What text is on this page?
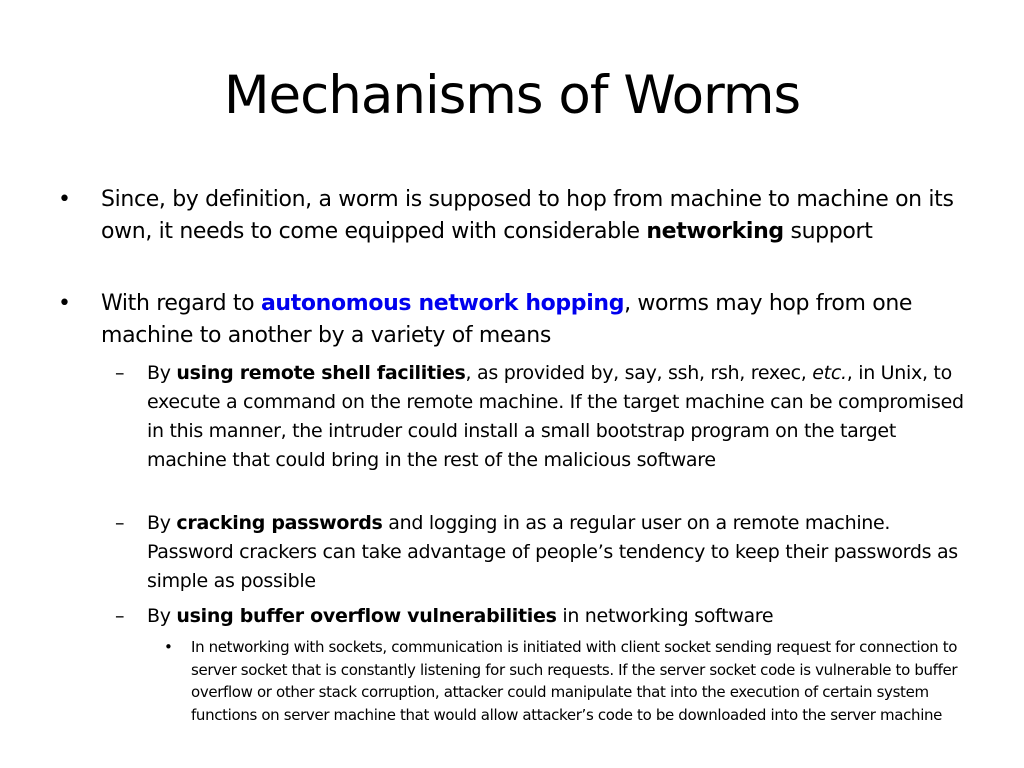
Mechanisms of Worms

• Since, by definition, a worm is supposed to hop from machine to machine on its own, it needs to come equipped with considerable networking support

• With regard to autonomous network hopping, worms may hop from one machine to another by a variety of means

– By using remote shell facilities, as provided by, say, ssh, rsh, rexec, etc., in Unix, to execute a command on the remote machine. If the target machine can be compromised in this manner, the intruder could install a small bootstrap program on the target machine that could bring in the rest of the malicious software

– By cracking passwords and logging in as a regular user on a remote machine. Password crackers can take advantage of people’s tendency to keep their passwords as simple as possible

– By using buffer overflow vulnerabilities in networking software

• In networking with sockets, communication is initiated with client socket sending request for connection to server socket that is constantly listening for such requests. If the server socket code is vulnerable to buffer overflow or other stack corruption, attacker could manipulate that into the execution of certain system functions on server machine that would allow attacker’s code to be downloaded into the server machine
